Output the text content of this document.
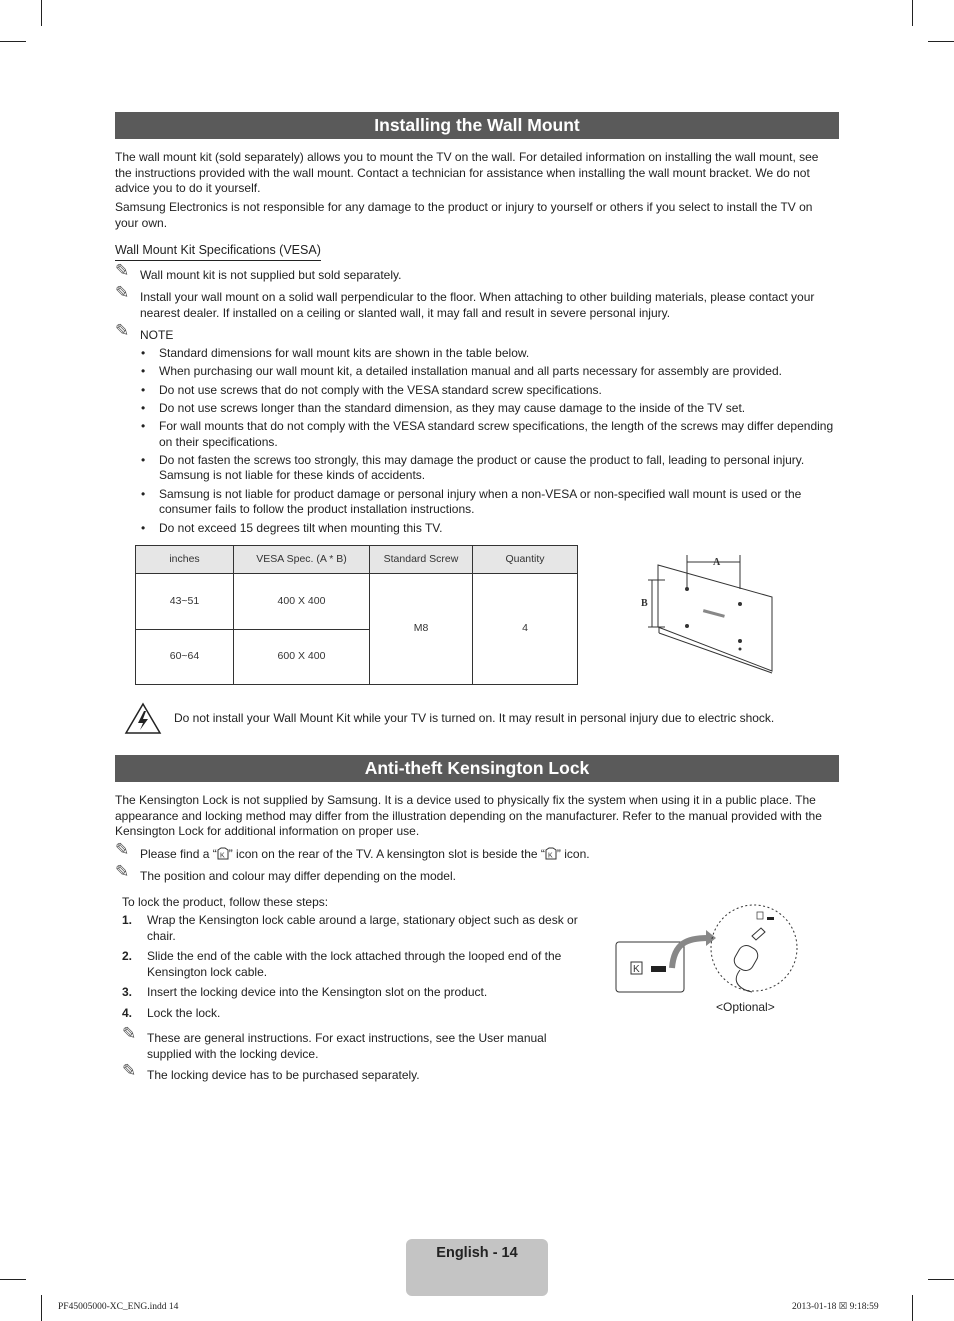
Installing the Wall Mount

The wall mount kit (sold separately) allows you to mount the TV on the wall. For detailed information on installing the wall mount, see the instructions provided with the wall mount. Contact a technician for assistance when installing the wall mount bracket. We do not advice you to do it yourself.

Samsung Electronics is not responsible for any damage to the product or injury to yourself or others if you select to install the TV on your own.

Wall Mount Kit Specifications (VESA)
✎ Wall mount kit is not supplied but sold separately.
✎ Install your wall mount on a solid wall perpendicular to the floor. When attaching to other building materials, please contact your nearest dealer. If installed on a ceiling or slanted wall, it may fall and result in severe personal injury.
✎ NOTE
• Standard dimensions for wall mount kits are shown in the table below.
• When purchasing our wall mount kit, a detailed installation manual and all parts necessary for assembly are provided.
• Do not use screws that do not comply with the VESA standard screw specifications.
• Do not use screws longer than the standard dimension, as they may cause damage to the inside of the TV set.
• For wall mounts that do not comply with the VESA standard screw specifications, the length of the screws may differ depending on their specifications.
• Do not fasten the screws too strongly, this may damage the product or cause the product to fall, leading to personal injury. Samsung is not liable for these kinds of accidents.
• Samsung is not liable for product damage or personal injury when a non-VESA or non-specified wall mount is used or the consumer fails to follow the product installation instructions.
• Do not exceed 15 degrees tilt when mounting this TV.
inches	VESA Spec. (A * B)	Standard Screw	Quantity
43~51	400 X 400	M8	4
60~64	600 X 400		
A
B
Do not install your Wall Mount Kit while your TV is turned on. It may result in personal injury due to electric shock.
Anti-theft Kensington Lock

The Kensington Lock is not supplied by Samsung. It is a device used to physically fix the system when using it in a public place. The appearance and locking method may differ from the illustration depending on the manufacturer. Refer to the manual provided with the Kensington Lock for additional information on proper use.

✎ Please find a “ K ” icon on the rear of the TV. A kensington slot is beside the “ K ” icon.
✎ The position and colour may differ depending on the model.
To lock the product, follow these steps:
1. Wrap the Kensington lock cable around a large, stationary object such as desk or chair.
2. Slide the end of the cable with the lock attached through the looped end of the Kensington lock cable.
3. Insert the locking device into the Kensington slot on the product.
4. Lock the lock.
✎ These are general instructions. For exact instructions, see the User manual supplied with the locking device.
✎ The locking device has to be purchased separately.
K
<Optional>
English - 14
PF45005000-XC_ENG.indd 14	2013-01-18 ☒ 9:18:59
